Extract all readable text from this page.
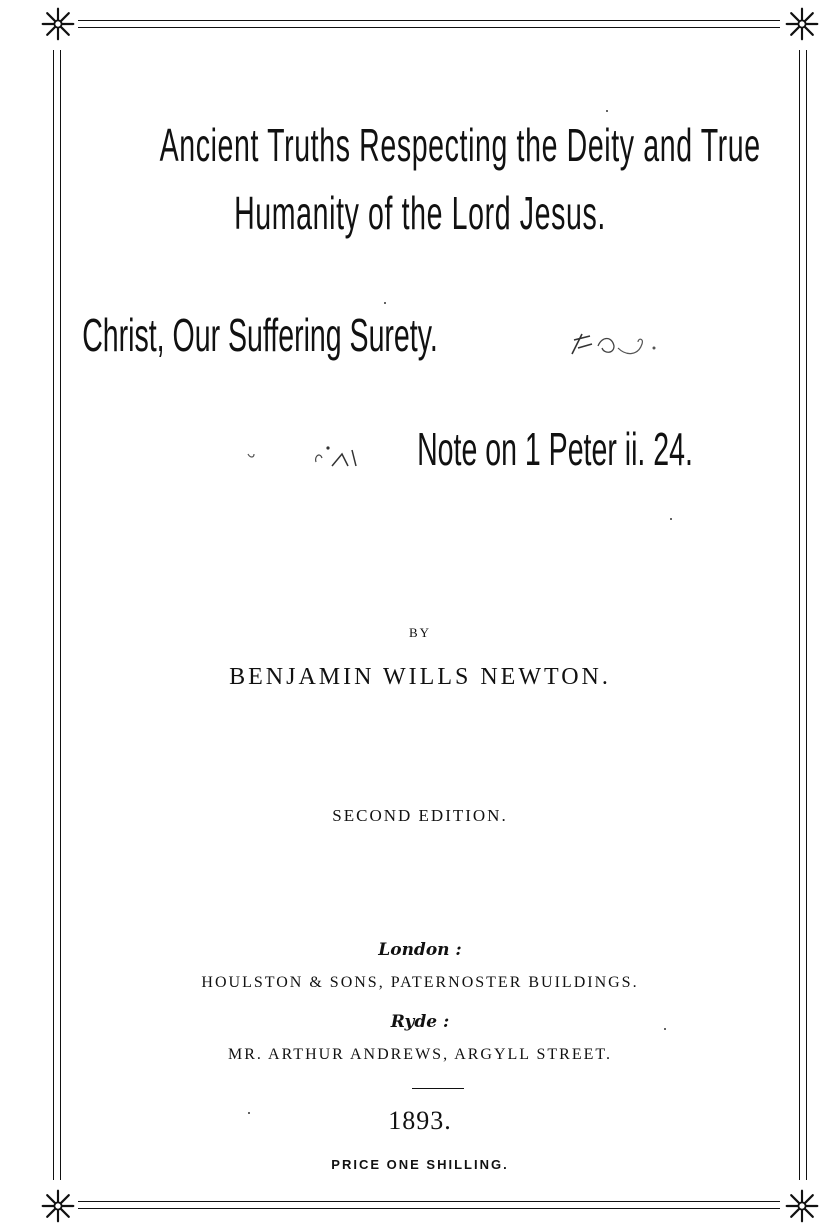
Ancient Truths Respecting the Deity and True
Humanity of the Lord Jesus.
Christ, Our Suffering Surety.
Note on 1 Peter ii. 24.
BY
BENJAMIN WILLS NEWTON.
SECOND EDITION.
London :
HOULSTON & SONS, PATERNOSTER BUILDINGS.
Ryde :
MR. ARTHUR ANDREWS, ARGYLL STREET.
1893.
PRICE ONE SHILLING.
